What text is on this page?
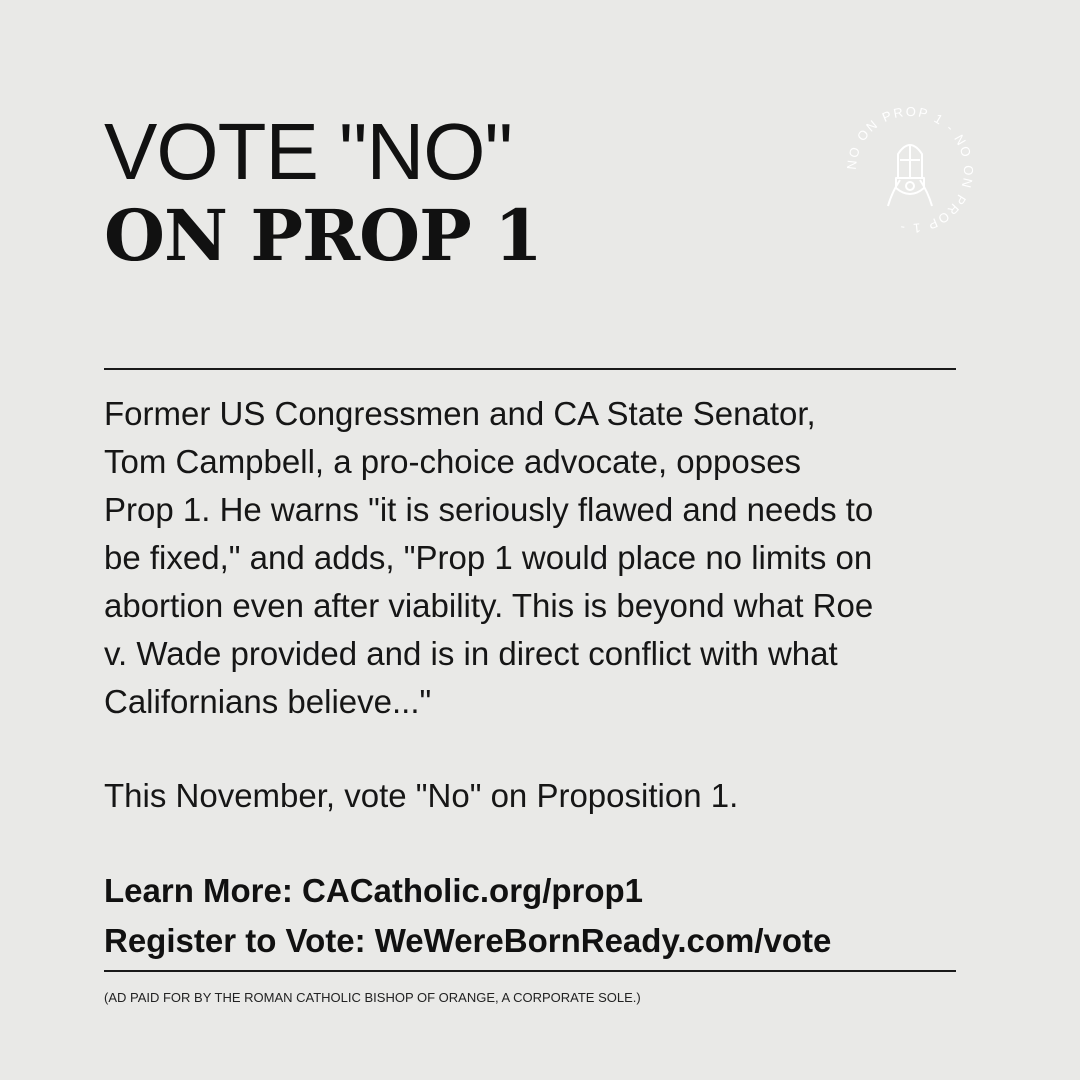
VOTE "NO"
ON PROP 1
NO ON PROP 1 - NO ON PROP 1 -
Former US Congressmen and CA State Senator,
Tom Campbell, a pro-choice advocate, opposes
Prop 1. He warns "it is seriously flawed and needs to
be fixed," and adds, "Prop 1 would place no limits on
abortion even after viability. This is beyond what Roe
v. Wade provided and is in direct conflict with what
Californians believe..."
This November, vote "No" on Proposition 1.
Learn More: CACatholic.org/prop1
Register to Vote: WeWereBornReady.com/vote
(AD PAID FOR BY THE ROMAN CATHOLIC BISHOP OF ORANGE, A CORPORATE SOLE.)
